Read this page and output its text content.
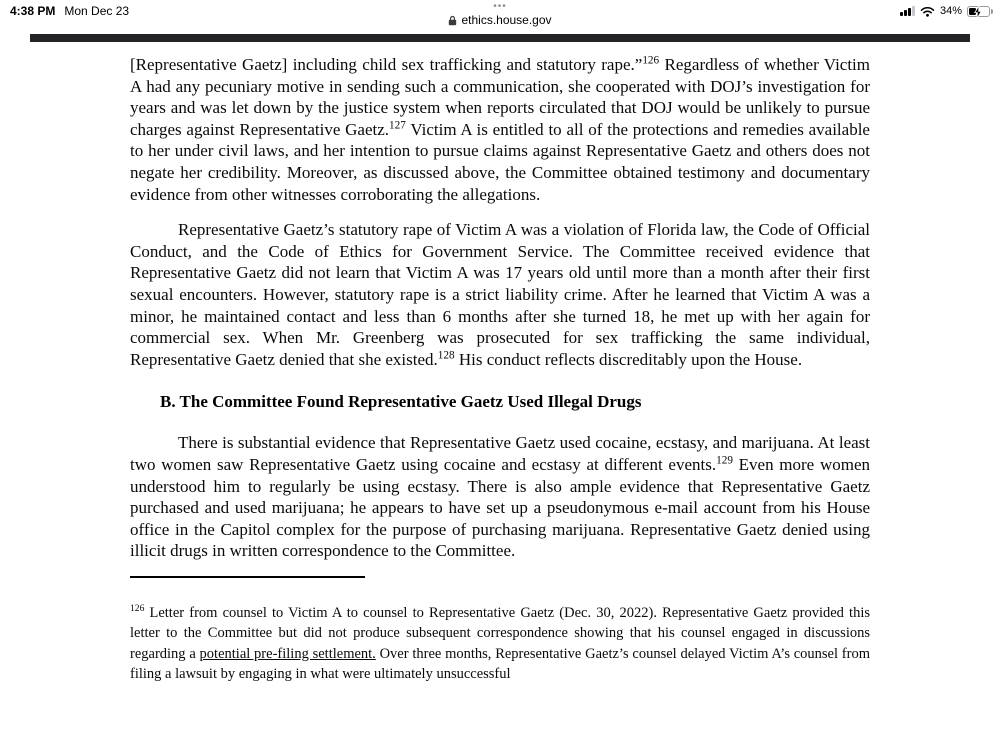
4:38 PM Mon Dec 23	•••
ethics.house.gov
34%

[Representative Gaetz] including child sex trafficking and statutory rape.”$^{126}$ Regardless of whether Victim A had any pecuniary motive in sending such a communication, she cooperated with DOJ’s investigation for years and was let down by the justice system when reports circulated that DOJ would be unlikely to pursue charges against Representative Gaetz.$^{127}$ Victim A is entitled to all of the protections and remedies available to her under civil laws, and her intention to pursue claims against Representative Gaetz and others does not negate her credibility. Moreover, as discussed above, the Committee obtained testimony and documentary evidence from other witnesses corroborating the allegations.

Representative Gaetz’s statutory rape of Victim A was a violation of Florida law, the Code of Official Conduct, and the Code of Ethics for Government Service. The Committee received evidence that Representative Gaetz did not learn that Victim A was 17 years old until more than a month after their first sexual encounters. However, statutory rape is a strict liability crime. After he learned that Victim A was a minor, he maintained contact and less than 6 months after she turned 18, he met up with her again for commercial sex. When Mr. Greenberg was prosecuted for sex trafficking the same individual, Representative Gaetz denied that she existed.$^{128}$ His conduct reflects discreditably upon the House.

B. The Committee Found Representative Gaetz Used Illegal Drugs

There is substantial evidence that Representative Gaetz used cocaine, ecstasy, and marijuana. At least two women saw Representative Gaetz using cocaine and ecstasy at different events.$^{129}$ Even more women understood him to regularly be using ecstasy. There is also ample evidence that Representative Gaetz purchased and used marijuana; he appears to have set up a pseudonymous e-mail account from his House office in the Capitol complex for the purpose of purchasing marijuana. Representative Gaetz denied using illicit drugs in written correspondence to the Committee.

$^{126}$ Letter from counsel to Victim A to counsel to Representative Gaetz (Dec. 30, 2022). Representative Gaetz provided this letter to the Committee but did not produce subsequent correspondence showing that his counsel engaged in discussions regarding a potential pre-filing settlement. Over three months, Representative Gaetz’s counsel delayed Victim A’s counsel from filing a lawsuit by engaging in what were ultimately unsuccessful
